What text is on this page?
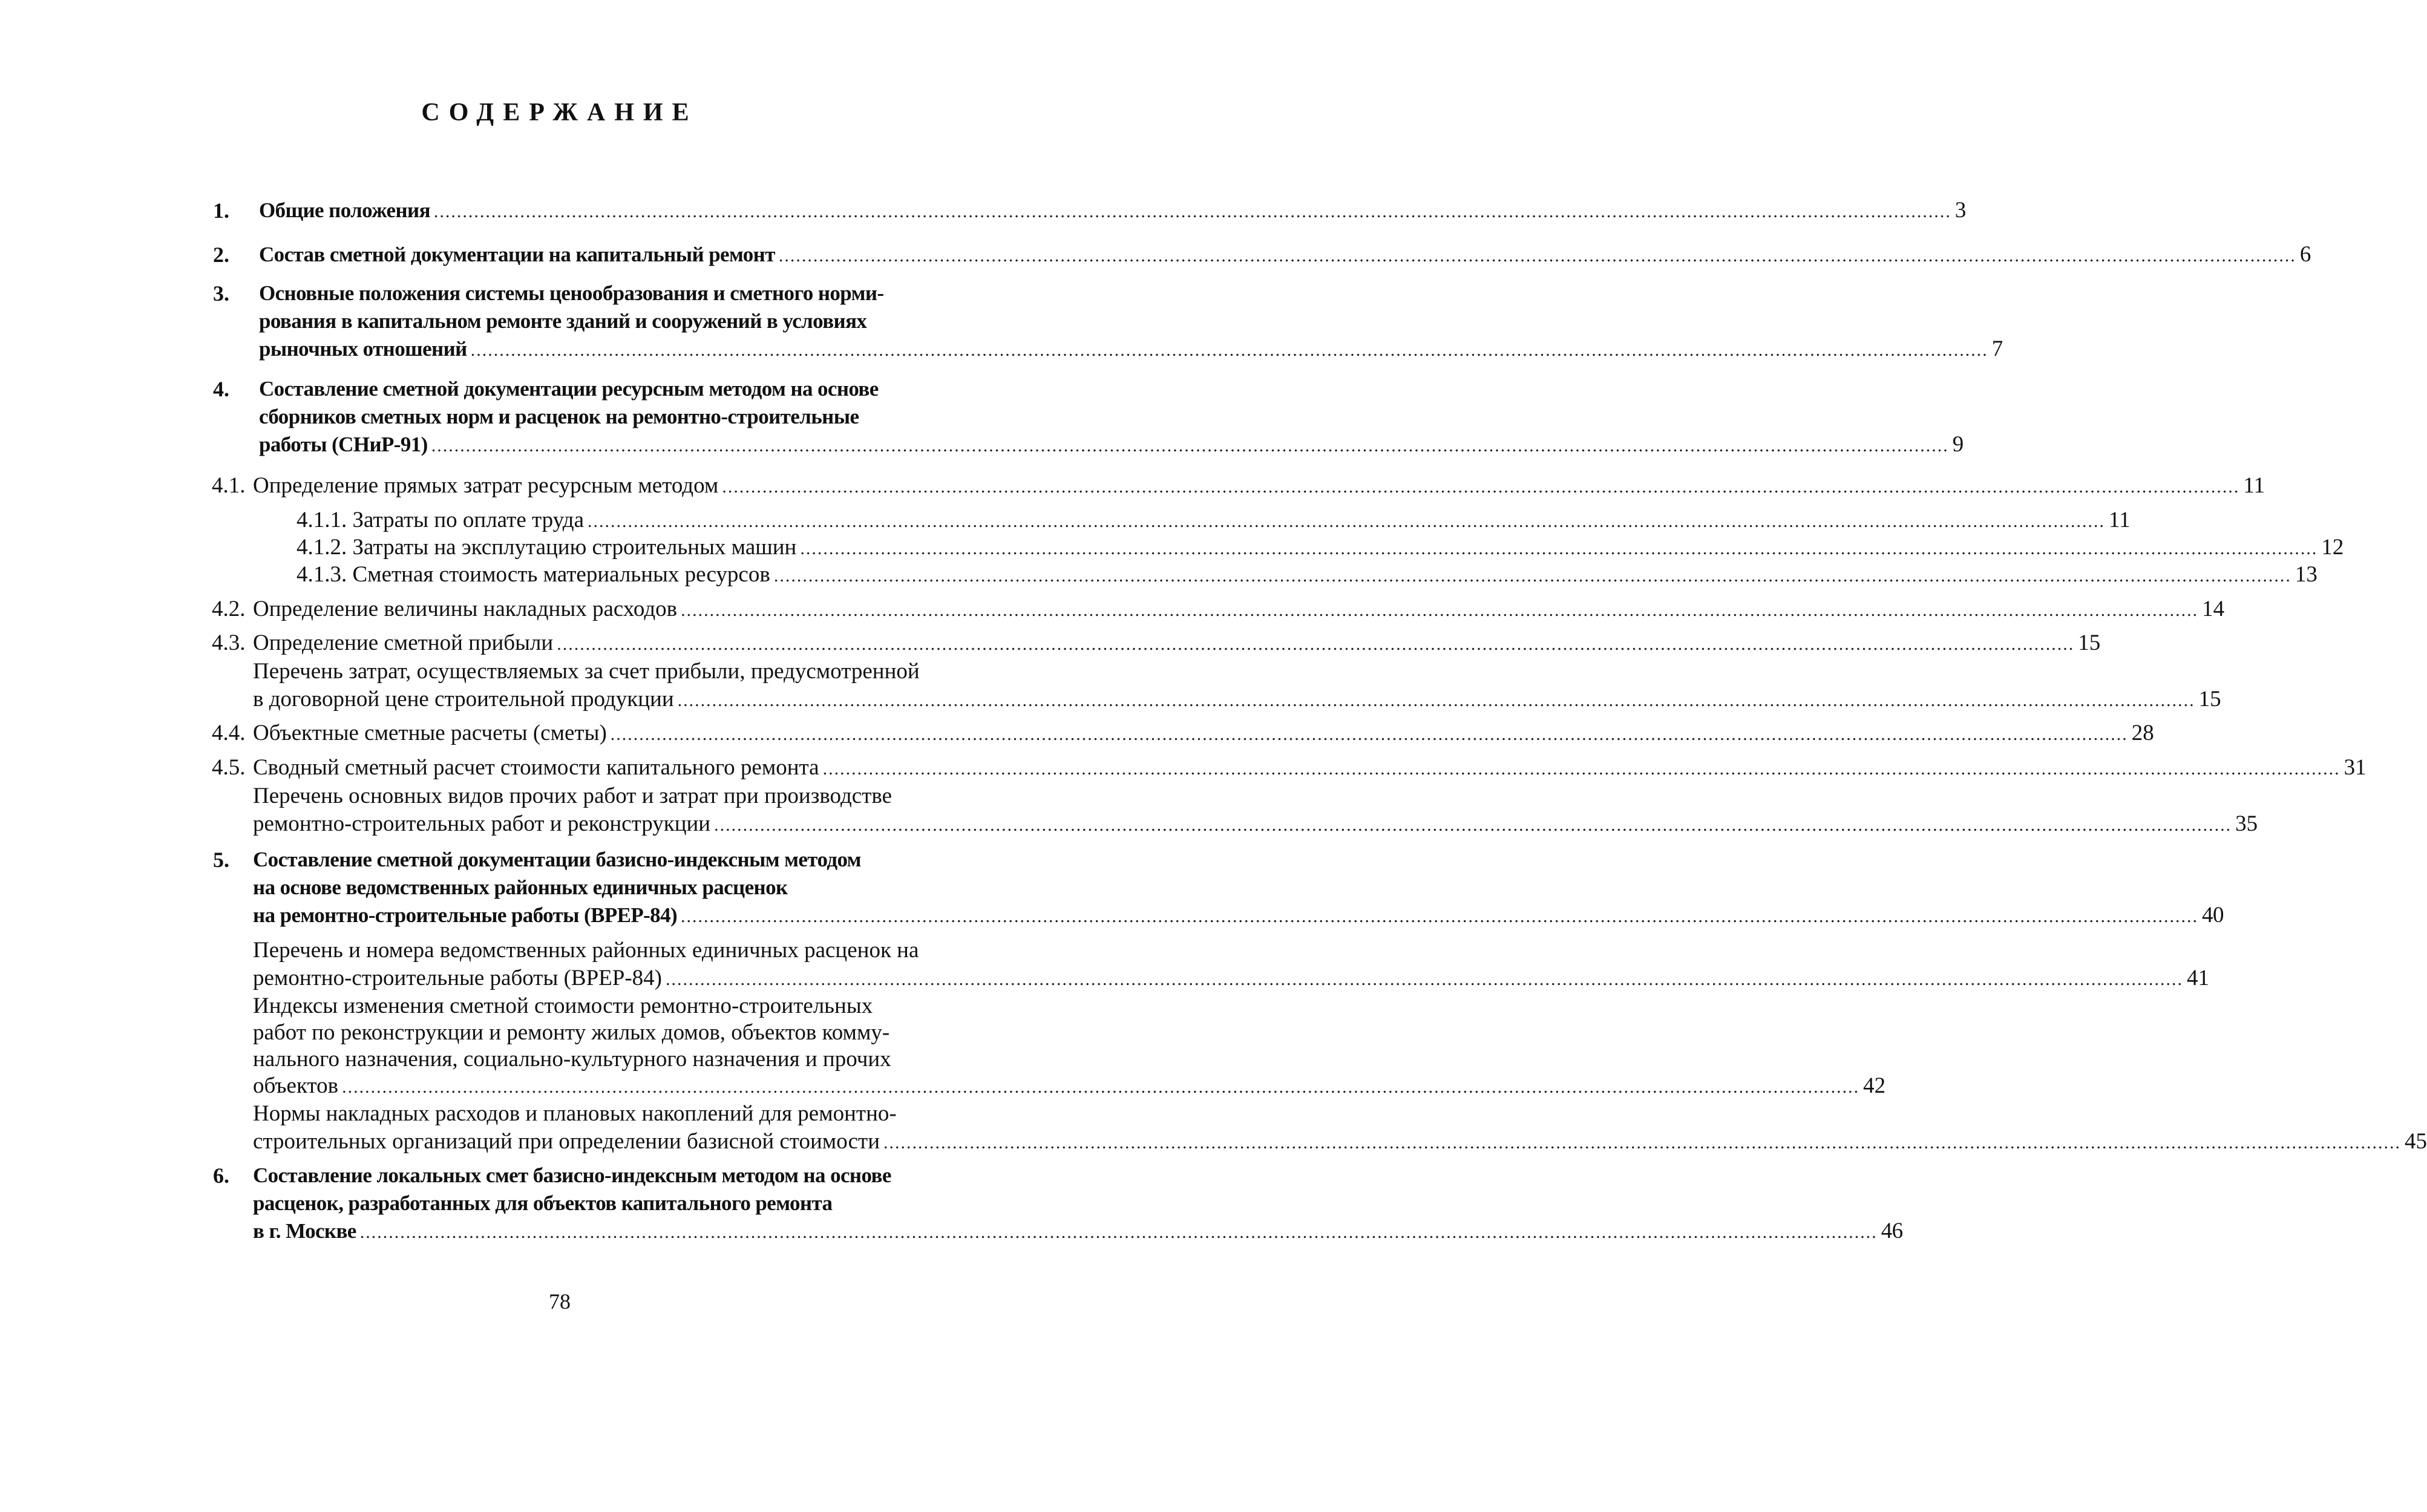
СОДЕРЖАНИЕ
1. Общие положения ........................................................................................................................................................................................................................................................................ 3
2. Состав сметной документации на капитальный ремонт ........................................................................................................................................................................................................................................................................ 6
3. Основные положения системы ценообразования и сметного норми-
рования в капитальном ремонте зданий и сооружений в условиях
рыночных отношений ........................................................................................................................................................................................................................................................................ 7
4. Составление сметной документации ресурсным методом на основе
сборников сметных норм и расценок на ремонтно-строительные
работы (СНиР-91) ........................................................................................................................................................................................................................................................................ 9
4.1. Определение прямых затрат ресурсным методом ........................................................................................................................................................................................................................................................................ 11
4.1.1. Затраты по оплате труда ........................................................................................................................................................................................................................................................................ 11
4.1.2. Затраты на эксплутацию строительных машин ........................................................................................................................................................................................................................................................................ 12
4.1.3. Сметная стоимость материальных ресурсов ........................................................................................................................................................................................................................................................................ 13
4.2. Определение величины накладных расходов ........................................................................................................................................................................................................................................................................ 14
4.3. Определение сметной прибыли ........................................................................................................................................................................................................................................................................ 15
Перечень затрат, осуществляемых за счет прибыли, предусмотренной
в договорной цене строительной продукции ........................................................................................................................................................................................................................................................................ 15
4.4. Объектные сметные расчеты (сметы) ........................................................................................................................................................................................................................................................................ 28
4.5. Сводный сметный расчет стоимости капитального ремонта ........................................................................................................................................................................................................................................................................ 31
Перечень основных видов прочих работ и затрат при производстве
ремонтно-строительных работ и реконструкции ........................................................................................................................................................................................................................................................................ 35
5. Составление сметной документации базисно-индексным методом
на основе ведомственных районных единичных расценок
на ремонтно-строительные работы (ВРЕР-84) ........................................................................................................................................................................................................................................................................ 40
Перечень и номера ведомственных районных единичных расценок на
ремонтно-строительные работы (ВРЕР-84) ........................................................................................................................................................................................................................................................................ 41
Индексы изменения сметной стоимости ремонтно-строительных
работ по реконструкции и ремонту жилых домов, объектов комму-
нального назначения, социально-культурного назначения и прочих
объектов ........................................................................................................................................................................................................................................................................ 42
Нормы накладных расходов и плановых накоплений для ремонтно-
строительных организаций при определении базисной стоимости ........................................................................................................................................................................................................................................................................ 45
6. Составление локальных смет базисно-индексным методом на основе
расценок, разработанных для объектов капитального ремонта
в г. Москве ........................................................................................................................................................................................................................................................................ 46
78
